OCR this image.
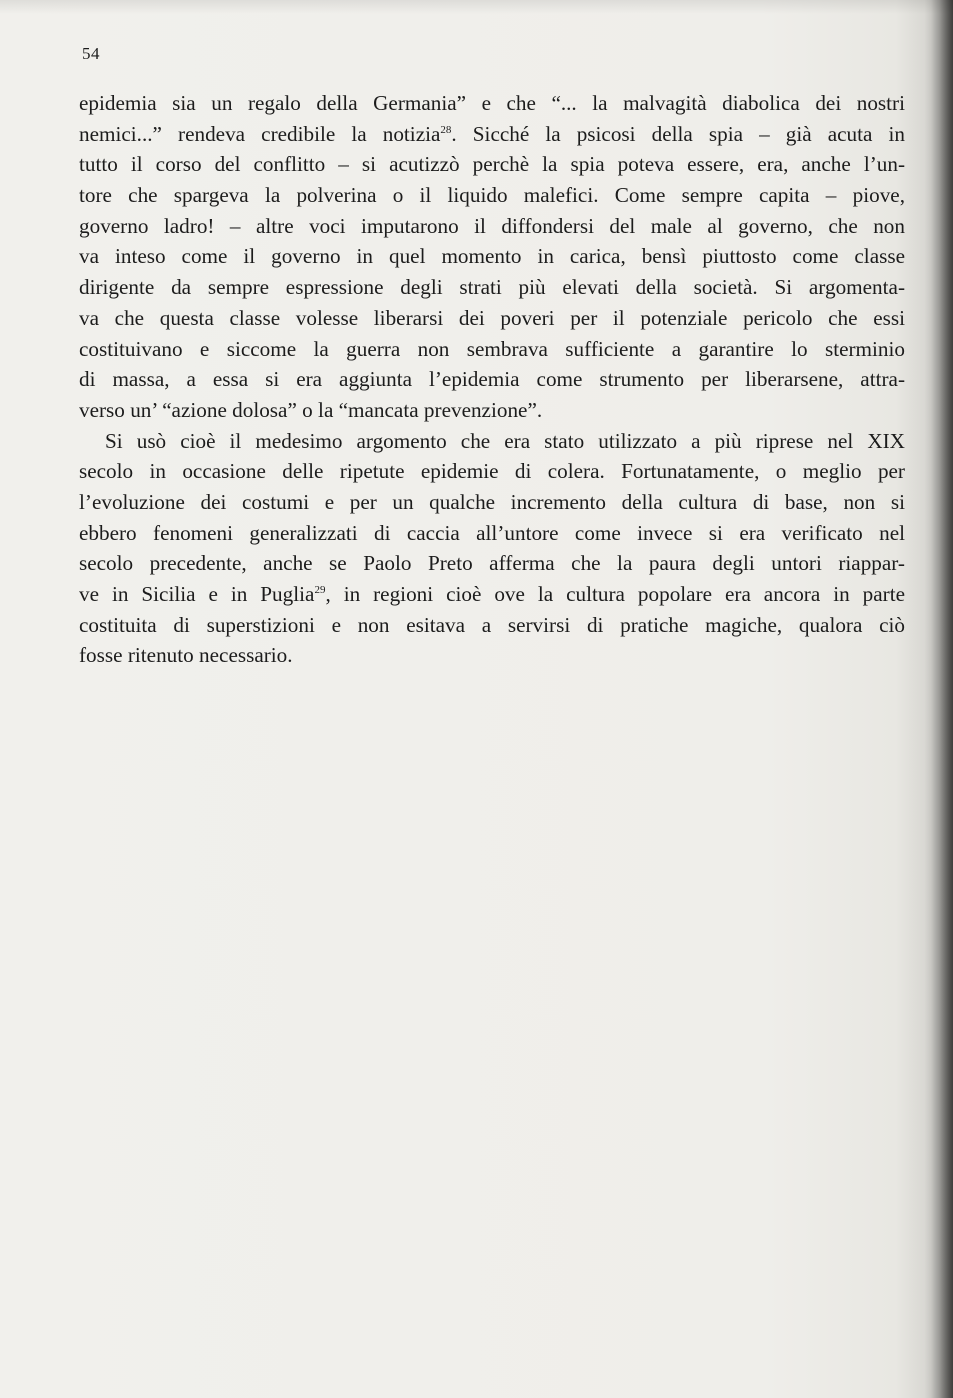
54
epidemia sia un regalo della Germania” e che “... la malvagità diabolica dei nostri
nemici...” rendeva credibile la notizia$^{28}$. Sicché la psicosi della spia – già acuta in
tutto il corso del conflitto – si acutizzò perchè la spia poteva essere, era, anche l’un-
tore che spargeva la polverina o il liquido malefici. Come sempre capita – piove,
governo ladro! – altre voci imputarono il diffondersi del male al governo, che non
va inteso come il governo in quel momento in carica, bensì piuttosto come classe
dirigente da sempre espressione degli strati più elevati della società. Si argomenta-
va che questa classe volesse liberarsi dei poveri per il potenziale pericolo che essi
costituivano e siccome la guerra non sembrava sufficiente a garantire lo sterminio
di massa, a essa si era aggiunta l’epidemia come strumento per liberarsene, attra-
verso un’ “azione dolosa” o la “mancata prevenzione”.
Si usò cioè il medesimo argomento che era stato utilizzato a più riprese nel XIX
secolo in occasione delle ripetute epidemie di colera. Fortunatamente, o meglio per
l’evoluzione dei costumi e per un qualche incremento della cultura di base, non si
ebbero fenomeni generalizzati di caccia all’untore come invece si era verificato nel
secolo precedente, anche se Paolo Preto afferma che la paura degli untori riappar-
ve in Sicilia e in Puglia$^{29}$, in regioni cioè ove la cultura popolare era ancora in parte
costituita di superstizioni e non esitava a servirsi di pratiche magiche, qualora ciò
fosse ritenuto necessario.
